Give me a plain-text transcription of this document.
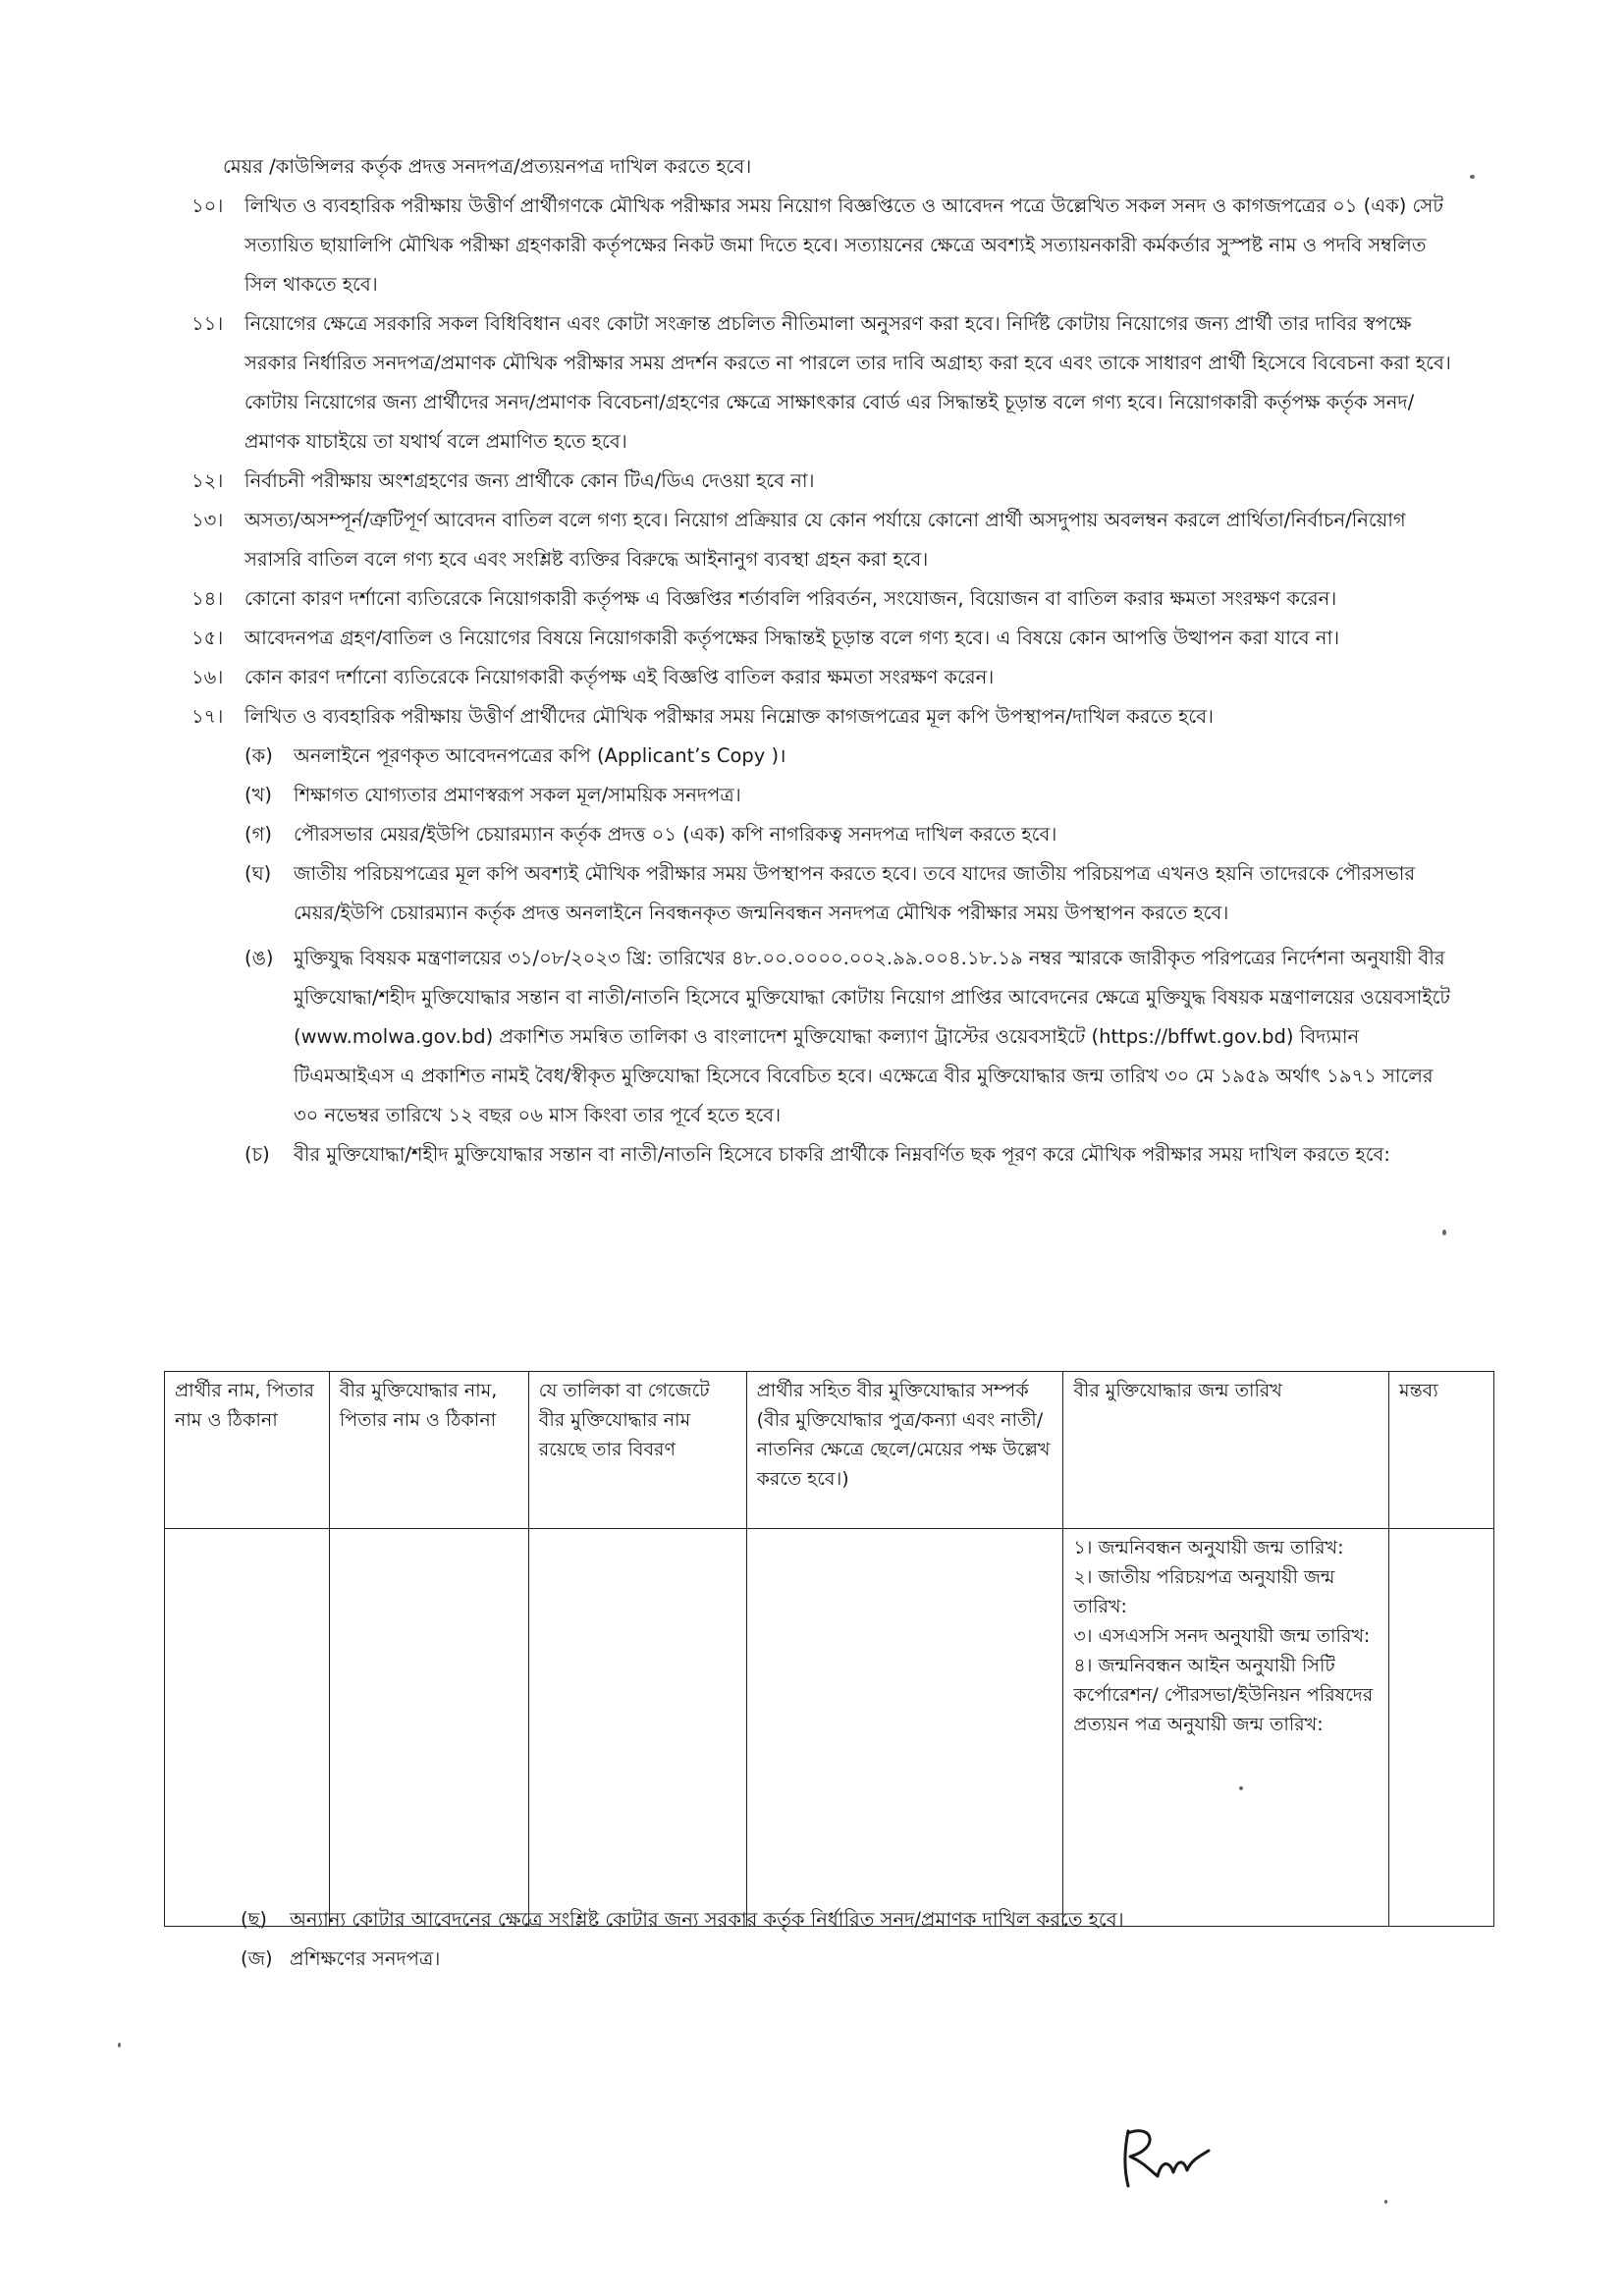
মেয়র /কাউন্সিলর কর্তৃক প্রদত্ত সনদপত্র/প্রত্যয়নপত্র দাখিল করতে হবে।

১০। লিখিত ও ব্যবহারিক পরীক্ষায় উত্তীর্ণ প্রার্থীগণকে মৌখিক পরীক্ষার সময় নিয়োগ বিজ্ঞপ্তিতে ও আবেদন পত্রে উল্লেখিত সকল সনদ ও কাগজপত্রের ০১ (এক) সেট সত্যায়িত ছায়ালিপি মৌখিক পরীক্ষা গ্রহণকারী কর্তৃপক্ষের নিকট জমা দিতে হবে। সত্যায়নের ক্ষেত্রে অবশ্যই সত্যায়নকারী কর্মকর্তার সুস্পষ্ট নাম ও পদবি সম্বলিত সিল থাকতে হবে।

১১। নিয়োগের ক্ষেত্রে সরকারি সকল বিধিবিধান এবং কোটা সংক্রান্ত প্রচলিত নীতিমালা অনুসরণ করা হবে। নির্দিষ্ট কোটায় নিয়োগের জন্য প্রার্থী তার দাবির স্বপক্ষে সরকার নির্ধারিত সনদপত্র/প্রমাণক মৌখিক পরীক্ষার সময় প্রদর্শন করতে না পারলে তার দাবি অগ্রাহ্য করা হবে এবং তাকে সাধারণ প্রার্থী হিসেবে বিবেচনা করা হবে। কোটায় নিয়োগের জন্য প্রার্থীদের সনদ/প্রমাণক বিবেচনা/গ্রহণের ক্ষেত্রে সাক্ষাৎকার বোর্ড এর সিদ্ধান্তই চূড়ান্ত বলে গণ্য হবে। নিয়োগকারী কর্তৃপক্ষ কর্তৃক সনদ/প্রমাণক যাচাইয়ে তা যথার্থ বলে প্রমাণিত হতে হবে।

১২। নির্বাচনী পরীক্ষায় অংশগ্রহণের জন্য প্রার্থীকে কোন টিএ/ডিএ দেওয়া হবে না।

১৩। অসত্য/অসম্পূর্ন/ত্রুটিপূর্ণ আবেদন বাতিল বলে গণ্য হবে। নিয়োগ প্রক্রিয়ার যে কোন পর্যায়ে কোনো প্রার্থী অসদুপায় অবলম্বন করলে প্রার্থিতা/নির্বাচন/নিয়োগ সরাসরি বাতিল বলে গণ্য হবে এবং সংশ্লিষ্ট ব্যক্তির বিরুদ্ধে আইনানুগ ব্যবস্থা গ্রহন করা হবে।

১৪। কোনো কারণ দর্শানো ব্যতিরেকে নিয়োগকারী কর্তৃপক্ষ এ বিজ্ঞপ্তির শর্তাবলি পরিবর্তন, সংযোজন, বিয়োজন বা বাতিল করার ক্ষমতা সংরক্ষণ করেন।

১৫। আবেদনপত্র গ্রহণ/বাতিল ও নিয়োগের বিষয়ে নিয়োগকারী কর্তৃপক্ষের সিদ্ধান্তই চূড়ান্ত বলে গণ্য হবে। এ বিষয়ে কোন আপত্তি উত্থাপন করা যাবে না।

১৬। কোন কারণ দর্শানো ব্যতিরেকে নিয়োগকারী কর্তৃপক্ষ এই বিজ্ঞপ্তি বাতিল করার ক্ষমতা সংরক্ষণ করেন।

১৭। লিখিত ও ব্যবহারিক পরীক্ষায় উত্তীর্ণ প্রার্থীদের মৌখিক পরীক্ষার সময় নিম্নোক্ত কাগজপত্রের মূল কপি উপস্থাপন/দাখিল করতে হবে।

(ক) অনলাইনে পূরণকৃত আবেদনপত্রের কপি (Applicant’s Copy )।

(খ) শিক্ষাগত যোগ্যতার প্রমাণস্বরূপ সকল মূল/সাময়িক সনদপত্র।

(গ) পৌরসভার মেয়র/ইউপি চেয়ারম্যান কর্তৃক প্রদত্ত ০১ (এক) কপি নাগরিকত্ব সনদপত্র দাখিল করতে হবে।

(ঘ) জাতীয় পরিচয়পত্রের মূল কপি অবশ্যই মৌখিক পরীক্ষার সময় উপস্থাপন করতে হবে। তবে যাদের জাতীয় পরিচয়পত্র এখনও হয়নি তাদেরকে পৌরসভার মেয়র/ইউপি চেয়ারম্যান কর্তৃক প্রদত্ত অনলাইনে নিবন্ধনকৃত জন্মনিবন্ধন সনদপত্র মৌখিক পরীক্ষার সময় উপস্থাপন করতে হবে।

(ঙ) মুক্তিযুদ্ধ বিষয়ক মন্ত্রণালয়ের ৩১/০৮/২০২৩ খ্রি: তারিখের ৪৮.০০.০০০০.০০২.৯৯.০০৪.১৮.১৯ নম্বর স্মারকে জারীকৃত পরিপত্রের নির্দেশনা অনুযায়ী বীর মুক্তিযোদ্ধা/শহীদ মুক্তিযোদ্ধার সন্তান বা নাতী/নাতনি হিসেবে মুক্তিযোদ্ধা কোটায় নিয়োগ প্রাপ্তির আবেদনের ক্ষেত্রে মুক্তিযুদ্ধ বিষয়ক মন্ত্রণালয়ের ওয়েবসাইটে (www.molwa.gov.bd) প্রকাশিত সমন্বিত তালিকা ও বাংলাদেশ মুক্তিযোদ্ধা কল্যাণ ট্রাস্টের ওয়েবসাইটে (https://bffwt.gov.bd) বিদ্যমান টিএমআইএস এ প্রকাশিত নামই বৈধ/স্বীকৃত মুক্তিযোদ্ধা হিসেবে বিবেচিত হবে। এক্ষেত্রে বীর মুক্তিযোদ্ধার জন্ম তারিখ ৩০ মে ১৯৫৯ অর্থাৎ ১৯৭১ সালের ৩০ নভেম্বর তারিখে ১২ বছর ০৬ মাস কিংবা তার পূর্বে হতে হবে।

(চ) বীর মুক্তিযোদ্ধা/শহীদ মুক্তিযোদ্ধার সন্তান বা নাতী/নাতনি হিসেবে চাকরি প্রার্থীকে নিম্নবর্ণিত ছক পূরণ করে মৌখিক পরীক্ষার সময় দাখিল করতে হবে:

প্রার্থীর নাম, পিতার নাম ও ঠিকানা	বীর মুক্তিযোদ্ধার নাম, পিতার নাম ও ঠিকানা	যে তালিকা বা গেজেটে বীর মুক্তিযোদ্ধার নাম রয়েছে তার বিবরণ	প্রার্থীর সহিত বীর মুক্তিযোদ্ধার সম্পর্ক (বীর মুক্তিযোদ্ধার পুত্র/কন্যা এবং নাতী/নাতনির ক্ষেত্রে ছেলে/মেয়ের পক্ষ উল্লেখ করতে হবে।)	বীর মুক্তিযোদ্ধার জন্ম তারিখ	মন্তব্য

				১। জন্মনিবন্ধন অনুযায়ী জন্ম তারিখ:
২। জাতীয় পরিচয়পত্র অনুযায়ী জন্ম তারিখ:
৩। এসএসসি সনদ অনুযায়ী জন্ম তারিখ:
৪। জন্মনিবন্ধন আইন অনুযায়ী সিটি কর্পোরেশন/ পৌরসভা/ইউনিয়ন পরিষদের প্রত্যয়ন পত্র অনুযায়ী জন্ম তারিখ:	

(ছ) অন্যান্য কোটার আবেদনের ক্ষেত্রে সংশ্লিষ্ট কোটার জন্য সরকার কর্তৃক নির্ধারিত সনদ/প্রমাণক দাখিল করতে হবে।

(জ) প্রশিক্ষণের সনদপত্র।
